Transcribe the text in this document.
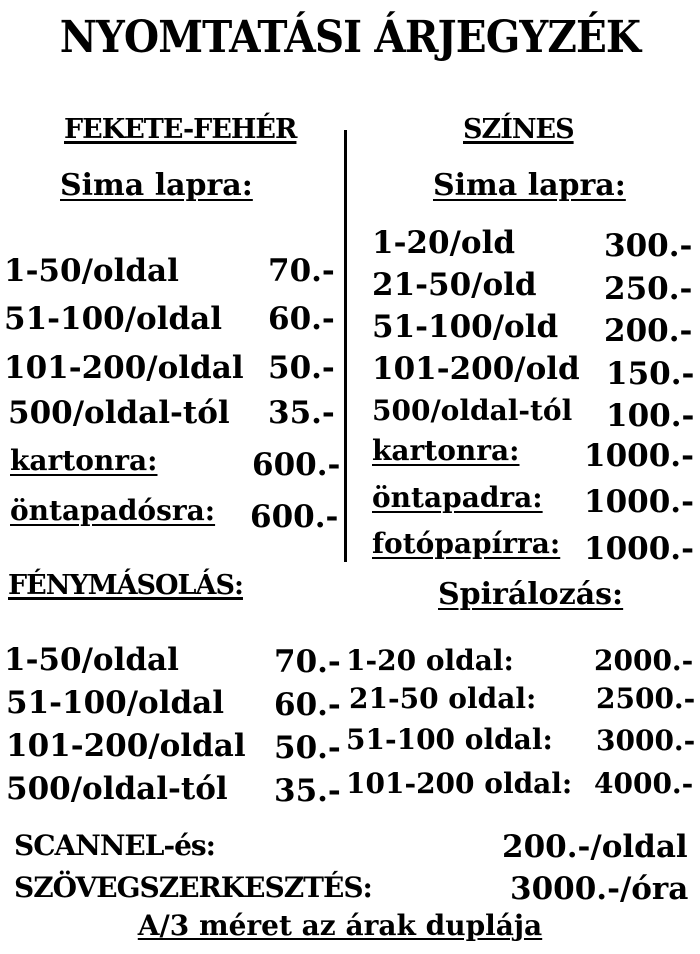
NYOMTATÁSI ÁRJEGYZÉK
FEKETE-FEHÉR
Sima lapra:
1-50/oldal	70.-
51-100/oldal 60.-
101-200/oldal 50.-
500/oldal-tól 35.-
kartonra:	600.-
öntapadósra: 600.-
SZÍNES
Sima lapra:
1-20/old	300.-
21-50/old 250.-
51-100/old 200.-
101-200/old 150.-
500/oldal-tól 100.-
kartonra: 1000.-
öntapadra: 1000.-
fotópapírra: 1000.-
FÉNYMÁSOLÁS:
1-50/oldal	70.-
51-100/oldal 60.-
101-200/oldal 50.-
500/oldal-tól 35.-
Spirálozás:
1-20 oldal:	2000.-
21-50 oldal: 2500.-
51-100 oldal: 3000.-
101-200 oldal: 4000.-
SCANNEL-és:	200.-/oldal
SZÖVEGSZERKESZTÉS:	3000.-/óra
A/3 méret az árak duplája
